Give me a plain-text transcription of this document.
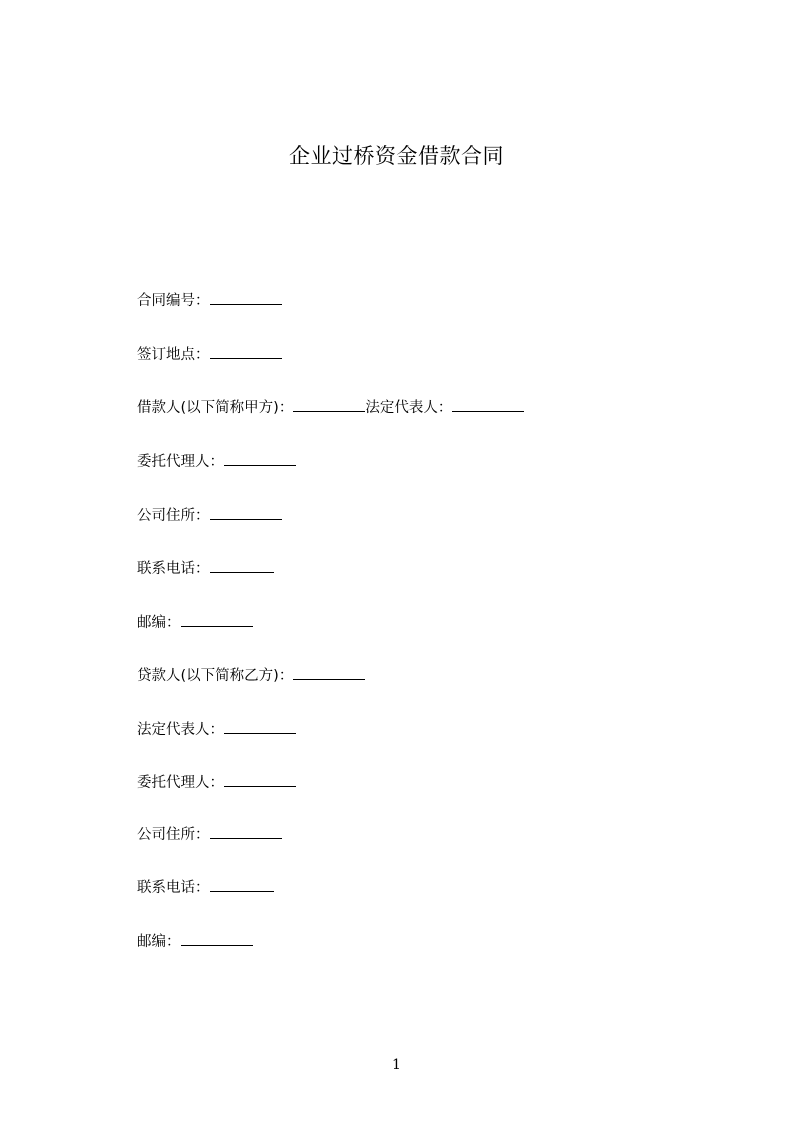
企业过桥资金借款合同
合同编号：
签订地点：
借款人(以下简称甲方)：	法定代表人：
委托代理人：
公司住所：
联系电话：
邮编：
贷款人(以下简称乙方)：
法定代表人：
委托代理人：
公司住所：
联系电话：
邮编：
1
